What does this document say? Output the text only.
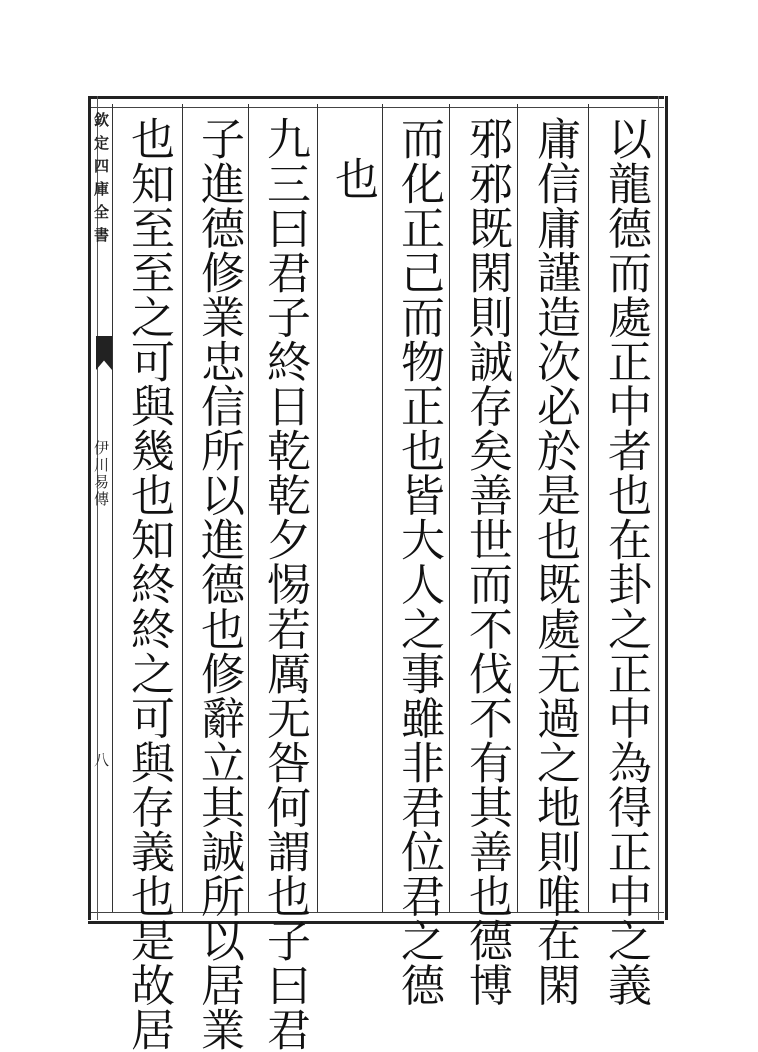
欽定四庫全書
伊川易傳
八	以龍德而處正中者也在卦之正中為得正中之義
庸信庸謹造次必於是也既處无過之地則唯在閑
邪邪既閑則誠存矣善世而不伐不有其善也德博
而化正己而物正也皆大人之事雖非君位君之德
也
九三曰君子終日乾乾夕惕若厲无咎何謂也子曰君
子進德修業忠信所以進德也修辭立其誠所以居業
也知至至之可與幾也知終終之可與存義也是故居
